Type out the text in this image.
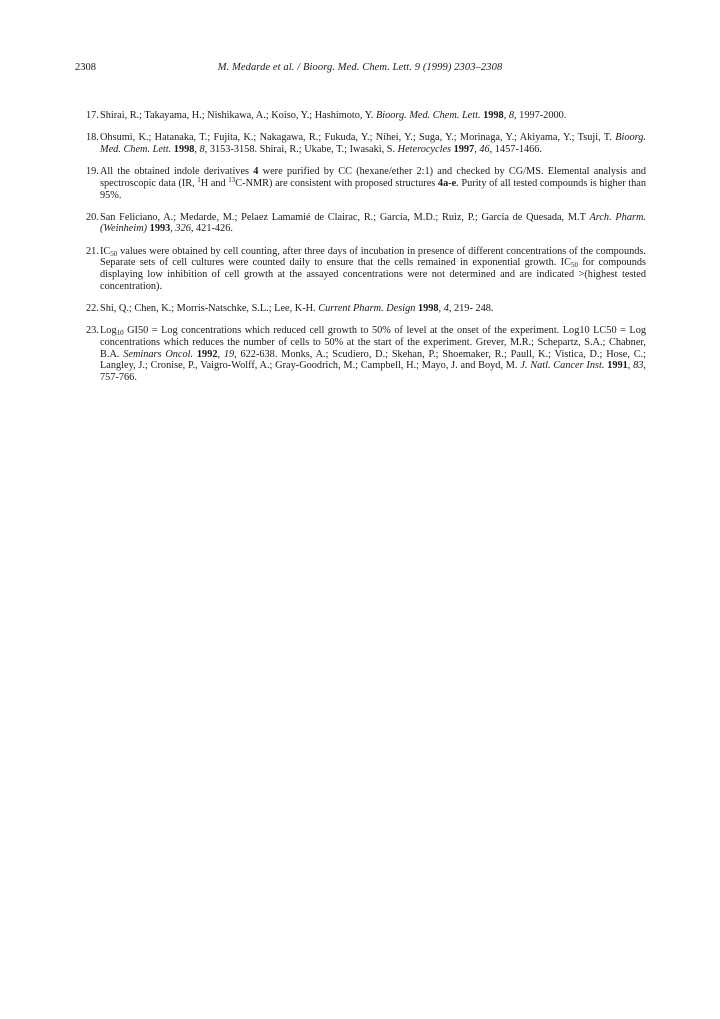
2308	M. Medarde et al. / Bioorg. Med. Chem. Lett. 9 (1999) 2303–2308
17. Shirai, R.; Takayama, H.; Nishikawa, A.; Koiso, Y.; Hashimoto, Y. Bioorg. Med. Chem. Lett. 1998, 8, 1997-2000.
18. Ohsumi, K.; Hatanaka, T.; Fujita, K.; Nakagawa, R.; Fukuda, Y.; Nihei, Y.; Suga, Y.; Morinaga, Y.; Akiyama, Y.; Tsuji, T. Bioorg. Med. Chem. Lett. 1998, 8, 3153-3158. Shirai, R.; Ukabe, T.; Iwasaki, S. Heterocycles 1997, 46, 1457-1466.
19. All the obtained indole derivatives 4 were purified by CC (hexane/ether 2:1) and checked by CG/MS. Elemental analysis and spectroscopic data (IR, $^1$H and $^{13}$C-NMR) are consistent with proposed structures 4a-e. Purity of all tested compounds is higher than 95%.
20. San Feliciano, A.; Medarde, M.; Pelaez Lamamié de Clairac, R.; García, M.D.; Ruiz, P.; García de Quesada, M.T Arch. Pharm. (Weinheim) 1993, 326, 421-426.
21. $IC_{50}$ values were obtained by cell counting, after three days of incubation in presence of different concentrations of the compounds. Separate sets of cell cultures were counted daily to ensure that the cells remained in exponential growth. $IC_{50}$ for compounds displaying low inhibition of cell growth at the assayed concentrations were not determined and are indicated >(highest tested concentration).
22. Shi, Q.; Chen, K.; Morris-Natschke, S.L.; Lee, K-H. Current Pharm. Design 1998, 4, 219- 248.
23. Log$_{10}$ GI50 = Log concentrations which reduced cell growth to 50% of level at the onset of the experiment. Log10 LC50 = Log concentrations which reduces the number of cells to 50% at the start of the experiment. Grever, M.R.; Schepartz, S.A.; Chabner, B.A. Seminars Oncol. 1992, 19, 622-638. Monks, A.; Scudiero, D.; Skehan, P.; Shoemaker, R.; Paull, K.; Vistica, D.; Hose, C.; Langley, J.; Cronise, P., Vaigro-Wolff, A.; Gray-Goodrich, M.; Campbell, H.; Mayo, J. and Boyd, M. J. Natl. Cancer Inst. 1991, 83, 757-766.
